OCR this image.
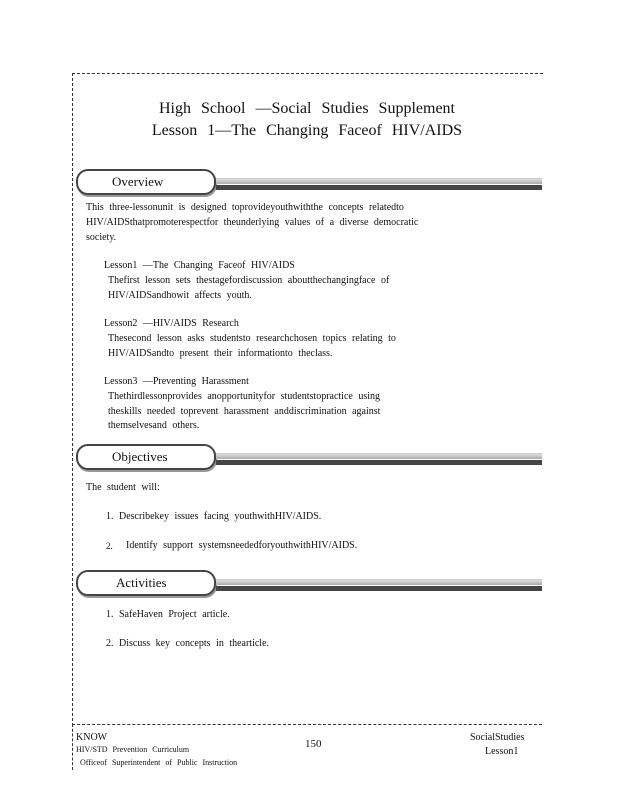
High School —Social Studies Supplement
Lesson 1—The Changing Faceof HIV/AIDS
Overview

This three-lessonunit is designed toprovideyouthwiththe concepts relatedto

HIV/AIDSthatpromoterespectfor theunderlying values of a diverse democratic

society.

Lesson1 —The Changing Faceof HIV/AIDS

Thefirst lesson sets thestagefordiscussion aboutthechangingface of

HIV/AIDSandhowit affects youth.

Lesson2 —HIV/AIDS Research

Thesecond lesson asks studentsto researchchosen topics relating to

HIV/AIDSandto present their informationto theclass.

Lesson3 —Preventing Harassment

Thethirdlessonprovides anopportunityfor studentstopractice using

theskills needed toprevent harassment anddiscrimination against

themselvesand others.

Objectives

The student will:

1. Describekey issues facing youthwithHIV/AIDS.

2. Identify support systemsneededforyouthwithHIV/AIDS.

Activities

1. SafeHaven Project article.

2. Discuss key concepts in thearticle.

KNOW

HIV/STD Prevention Curriculum

Officeof Superintendent of Public Instruction

150

SocialStudies

Lesson1
